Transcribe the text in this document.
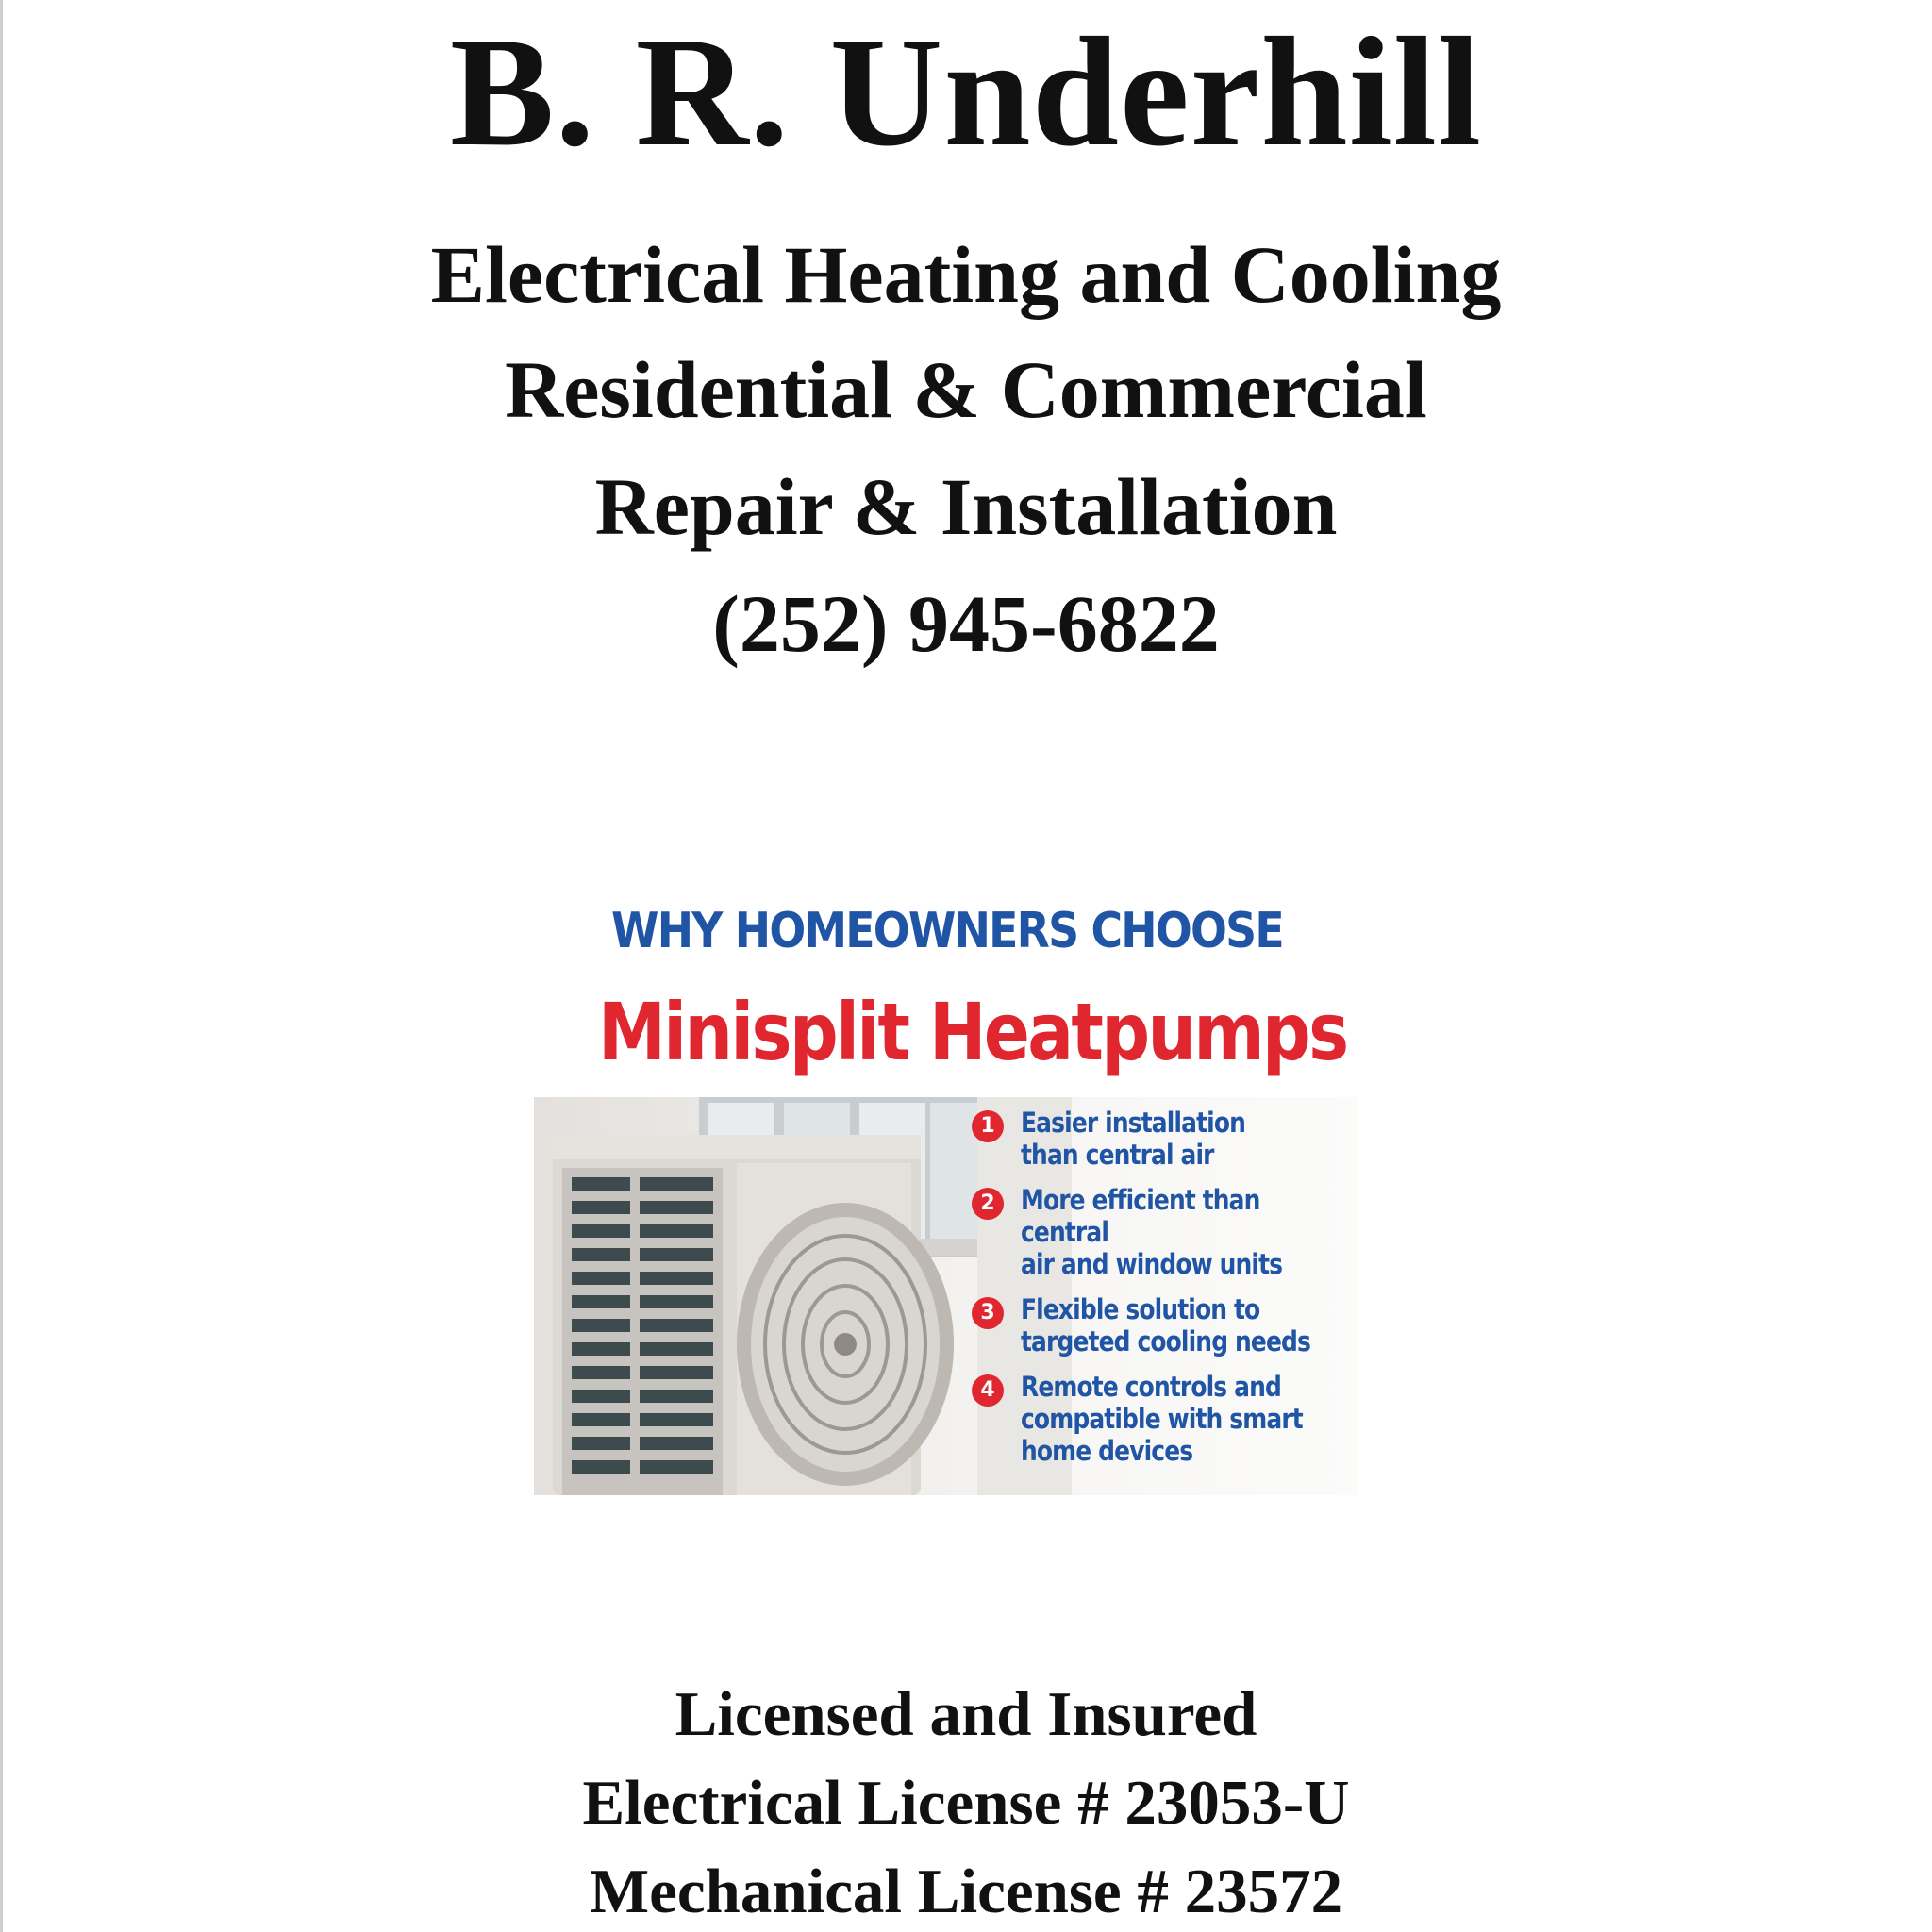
B. R. Underhill
Electrical Heating and Cooling
Residential & Commercial
Repair & Installation
(252) 945-6822
WHY HOMEOWNERS CHOOSE
Minisplit Heatpumps
1 Easier installation
than central air
2 More efficient than central
air and window units
3 Flexible solution to
targeted cooling needs
4 Remote controls and
compatible with smart
home devices
Licensed and Insured
Electrical License # 23053-U
Mechanical License # 23572
